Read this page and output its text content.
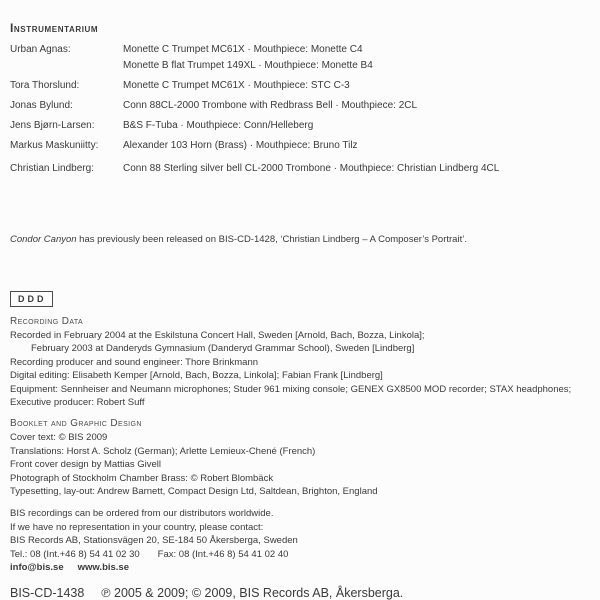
Instrumentarium
Urban Agnas:	Monette C Trumpet MC61X · Mouthpiece: Monette C4
Monette B flat Trumpet 149XL · Mouthpiece: Monette B4
Tora Thorslund:	Monette C Trumpet MC61X · Mouthpiece: STC C-3
Jonas Bylund:	Conn 88CL-2000 Trombone with Redbrass Bell · Mouthpiece: 2CL
Jens Bjørn-Larsen:	B&S F-Tuba · Mouthpiece: Conn/Helleberg
Markus Maskuniitty:	Alexander 103 Horn (Brass) · Mouthpiece: Bruno Tilz
Christian Lindberg:	Conn 88 Sterling silver bell CL-2000 Trombone · Mouthpiece: Christian Lindberg 4CL
Condor Canyon has previously been released on BIS-CD-1428, ‘Christian Lindberg – A Composer’s Portrait’.
DDD
Recording Data
Recorded in February 2004 at the Eskilstuna Concert Hall, Sweden [Arnold, Bach, Bozza, Linkola];
February 2003 at Danderyds Gymnasium (Danderyd Grammar School), Sweden [Lindberg]
Recording producer and sound engineer: Thore Brinkmann
Digital editing: Elisabeth Kemper [Arnold, Bach, Bozza, Linkola]; Fabian Frank [Lindberg]
Equipment: Sennheiser and Neumann microphones; Studer 961 mixing console; GENEX GX8500 MOD recorder; STAX headphones;
Executive producer: Robert Suff
Booklet and Graphic Design
Cover text: © BIS 2009
Translations: Horst A. Scholz (German); Arlette Lemieux-Chené (French)
Front cover design by Mattias Givell
Photograph of Stockholm Chamber Brass: © Robert Blombäck
Typesetting, lay-out: Andrew Barnett, Compact Design Ltd, Saltdean, Brighton, England
BIS recordings can be ordered from our distributors worldwide.
If we have no representation in your country, please contact:
BIS Records AB, Stationsvägen 20, SE-184 50 Åkersberga, Sweden
Tel.: 08 (Int.+46 8) 54 41 02 30 Fax: 08 (Int.+46 8) 54 41 02 40
info@bis.se www.bis.se
BIS-CD-1438 ℗ 2005 & 2009; © 2009, BIS Records AB, Åkersberga.
